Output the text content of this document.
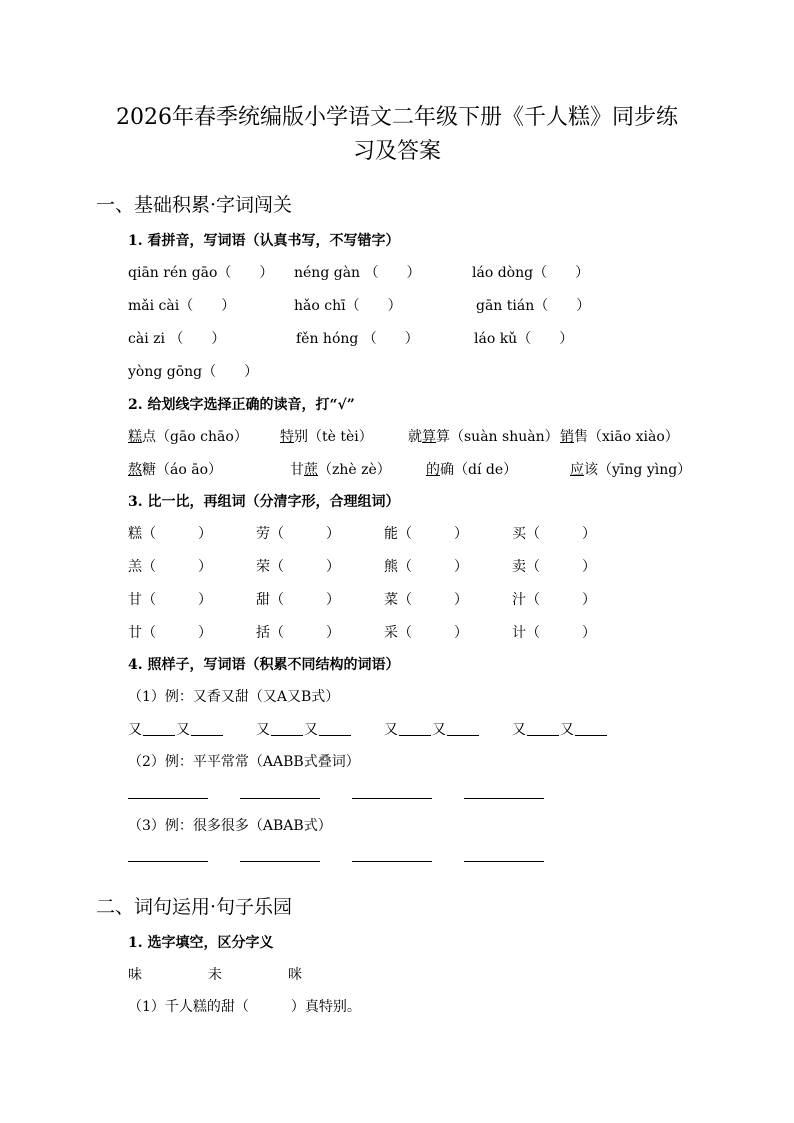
2026年春季统编版小学语文二年级下册《千人糕》同步练
习及答案
一、基础积累·字词闯关
1. 看拼音，写词语（认真书写，不写错字）
qiān rén gāo（　　） néng gàn （　　）	láo dòng（　　）
mǎi cài（　　）	hǎo chī（　　）	gān tián（　　）
cài zi （　　）	fěn hóng （　　）	láo kǔ（　　）
yòng gōng（　　）
2. 给划线字选择正确的读音，打“√”
糕点（gāo chāo） 特别（tè tèi）	就算算（suàn shuàn） 销售（xiāo xiào）
熬糖（áo āo）	甘蔗（zhè zè）	的确（dí de）	应该（yīng yìng）
3. 比一比，再组词（分清字形，合理组词）
糕（　　　）	劳（　　　）	能（　　　）	买（　　　）
羔（　　　）	荣（　　　）	熊（　　　）	卖（　　　）
甘（　　　）	甜（　　　）	菜（　　　）	汁（　　　）
廿（　　　）	括（　　　）	采（　　　）	计（　　　）
4. 照样子，写词语（积累不同结构的词语）
（1）例：又香又甜（又A又B式）
又 又	又 又	又 又	又 又
（2）例：平平常常（AABB式叠词）
（3）例：很多很多（ABAB式）
二、词句运用·句子乐园
1. 选字填空，区分字义
味	未	咪
（1）千人糕的甜（　　　）真特别。
